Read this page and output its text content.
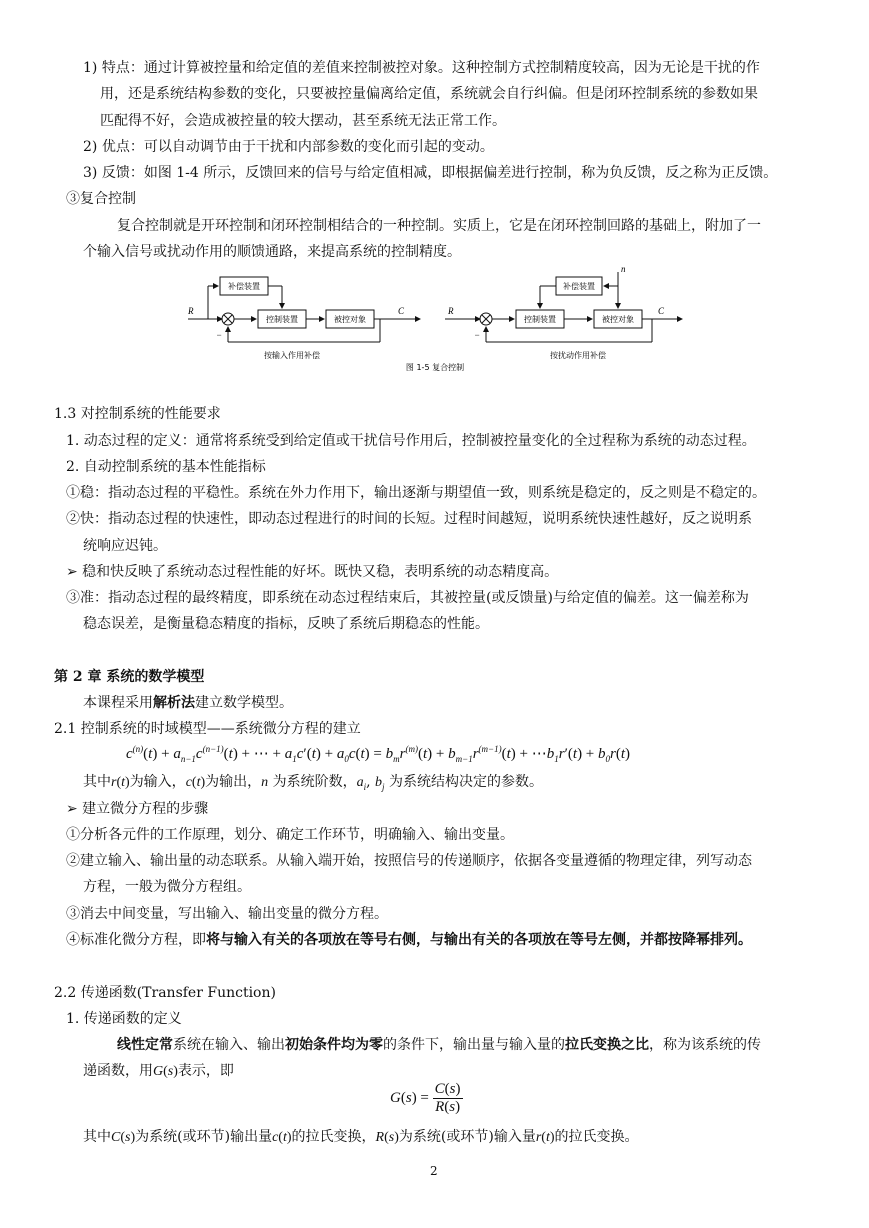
1) 特点：通过计算被控量和给定值的差值来控制被控对象。这种控制方式控制精度较高，因为无论是干扰的作
用，还是系统结构参数的变化，只要被控量偏离给定值，系统就会自行纠偏。但是闭环控制系统的参数如果
匹配得不好，会造成被控量的较大摆动，甚至系统无法正常工作。
2) 优点：可以自动调节由于干扰和内部参数的变化而引起的变动。
3) 反馈：如图 1-4 所示，反馈回来的信号与给定值相减，即根据偏差进行控制，称为负反馈，反之称为正反馈。
③复合控制
复合控制就是开环控制和闭环控制相结合的一种控制。实质上，它是在闭环控制回路的基础上，附加了一
个输入信号或扰动作用的顺馈通路，来提高系统的控制精度。
R	C	R	C
n
−	−
补偿装置
控制装置	被控对象
补偿装置
控制装置	被控对象
按输入作用补偿	按扰动作用补偿
图 1-5 复合控制
1.3 对控制系统的性能要求
1. 动态过程的定义：通常将系统受到给定值或干扰信号作用后，控制被控量变化的全过程称为系统的动态过程。
2. 自动控制系统的基本性能指标
①稳：指动态过程的平稳性。系统在外力作用下，输出逐渐与期望值一致，则系统是稳定的，反之则是不稳定的。
②快：指动态过程的快速性，即动态过程进行的时间的长短。过程时间越短，说明系统快速性越好，反之说明系
统响应迟钝。
➢ 稳和快反映了系统动态过程性能的好坏。既快又稳，表明系统的动态精度高。
③准：指动态过程的最终精度，即系统在动态过程结束后，其被控量(或反馈量)与给定值的偏差。这一偏差称为
稳态误差，是衡量稳态精度的指标，反映了系统后期稳态的性能。
第 2 章 系统的数学模型
本课程采用解析法建立数学模型。
2.1 控制系统的时域模型——系统微分方程的建立
$c^{(n)}(t) + a_{n-1}c^{(n-1)}(t)$ + ⋯ + $a_1c'(t) + a_0c(t) = b_mr^{(m)}(t) + b_{m-1}r^{(m-1)}(t)$ + $\cdots b_1r'(t) + b_0r(t)$
其中r(t)为输入，c(t)为输出，n 为系统阶数，$a_i$, $b_j$ 为系统结构决定的参数。
➢ 建立微分方程的步骤
①分析各元件的工作原理，划分、确定工作环节，明确输入、输出变量。
②建立输入、输出量的动态联系。从输入端开始，按照信号的传递顺序，依据各变量遵循的物理定律，列写动态
方程，一般为微分方程组。
③消去中间变量，写出输入、输出变量的微分方程。
④标准化微分方程，即将与输入有关的各项放在等号右侧，与输出有关的各项放在等号左侧，并都按降幂排列。
2.2 传递函数(Transfer Function)
1. 传递函数的定义
线性定常系统在输入、输出初始条件均为零的条件下，输出量与输入量的拉氏变换之比，称为该系统的传
递函数，用G(s)表示，即
$G(s) = \frac{C(s)}{R(s)}$
其中C(s)为系统(或环节)输出量c(t)的拉氏变换，R(s)为系统(或环节)输入量r(t)的拉氏变换。
2
